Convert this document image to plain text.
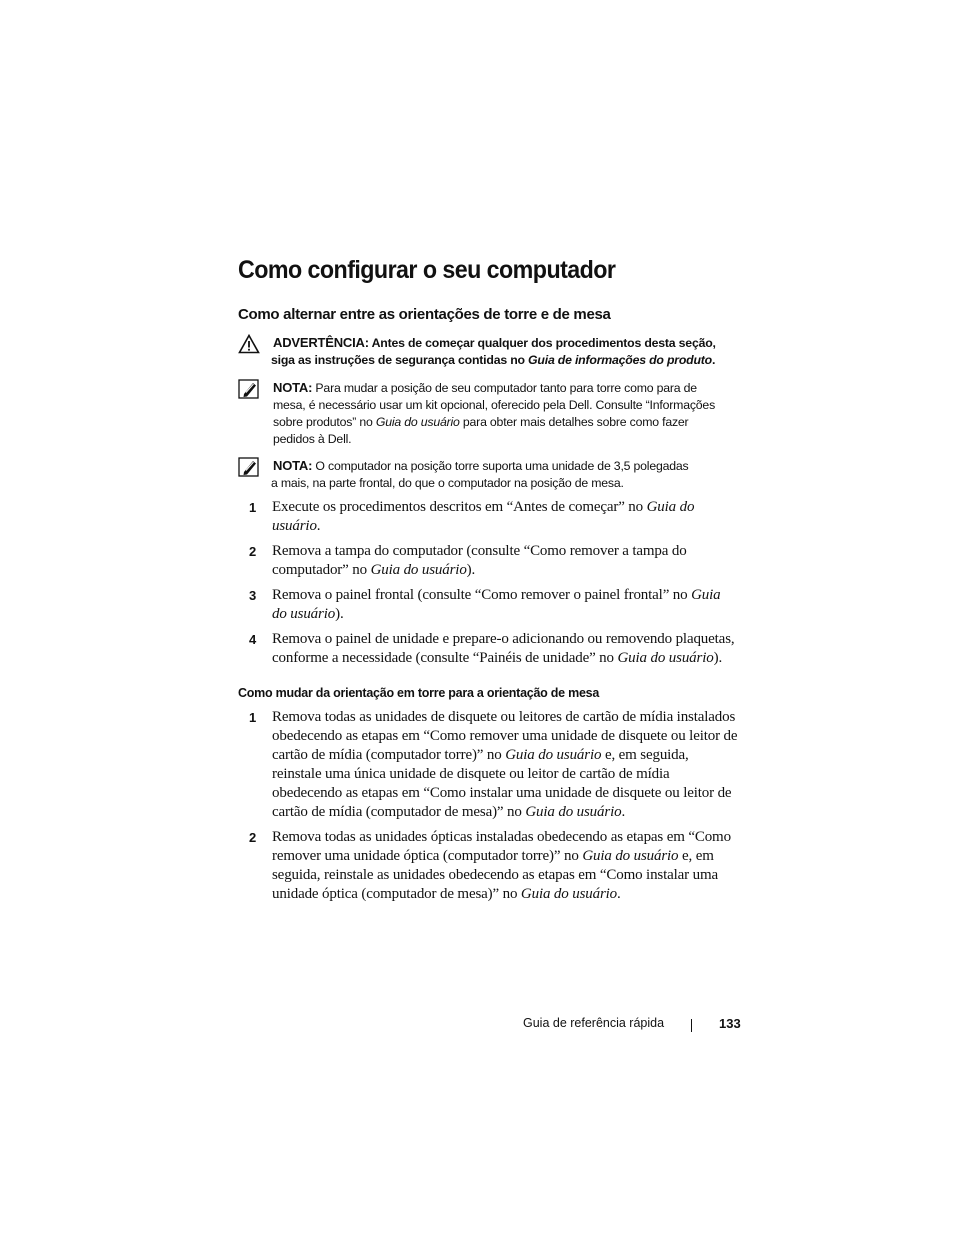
Como configurar o seu computador
Como alternar entre as orientações de torre e de mesa
ADVERTÊNCIA: Antes de começar qualquer dos procedimentos desta seção,
siga as instruções de segurança contidas no Guia de informações do produto.
NOTA: Para mudar a posição de seu computador tanto para torre como para de
mesa, é necessário usar um kit opcional, oferecido pela Dell. Consulte “Informações
sobre produtos” no Guia do usuário para obter mais detalhes sobre como fazer
pedidos à Dell.
NOTA: O computador na posição torre suporta uma unidade de 3,5 polegadas
a mais, na parte frontal, do que o computador na posição de mesa.
1 Execute os procedimentos descritos em “Antes de começar” no Guia do usuário.
2 Remova a tampa do computador (consulte “Como remover a tampa do computador” no Guia do usuário).
3 Remova o painel frontal (consulte “Como remover o painel frontal” no Guia do usuário).
4 Remova o painel de unidade e prepare-o adicionando ou removendo plaquetas, conforme a necessidade (consulte “Painéis de unidade” no Guia do usuário).
Como mudar da orientação em torre para a orientação de mesa
1 Remova todas as unidades de disquete ou leitores de cartão de mídia instalados obedecendo as etapas em “Como remover uma unidade de disquete ou leitor de cartão de mídia (computador torre)” no Guia do usuário e, em seguida, reinstale uma única unidade de disquete ou leitor de cartão de mídia obedecendo as etapas em “Como instalar uma unidade de disquete ou leitor de cartão de mídia (computador de mesa)” no Guia do usuário.
2 Remova todas as unidades ópticas instaladas obedecendo as etapas em “Como remover uma unidade óptica (computador torre)” no Guia do usuário e, em seguida, reinstale as unidades obedecendo as etapas em “Como instalar uma unidade óptica (computador de mesa)” no Guia do usuário.
Guia de referência rápida	133
